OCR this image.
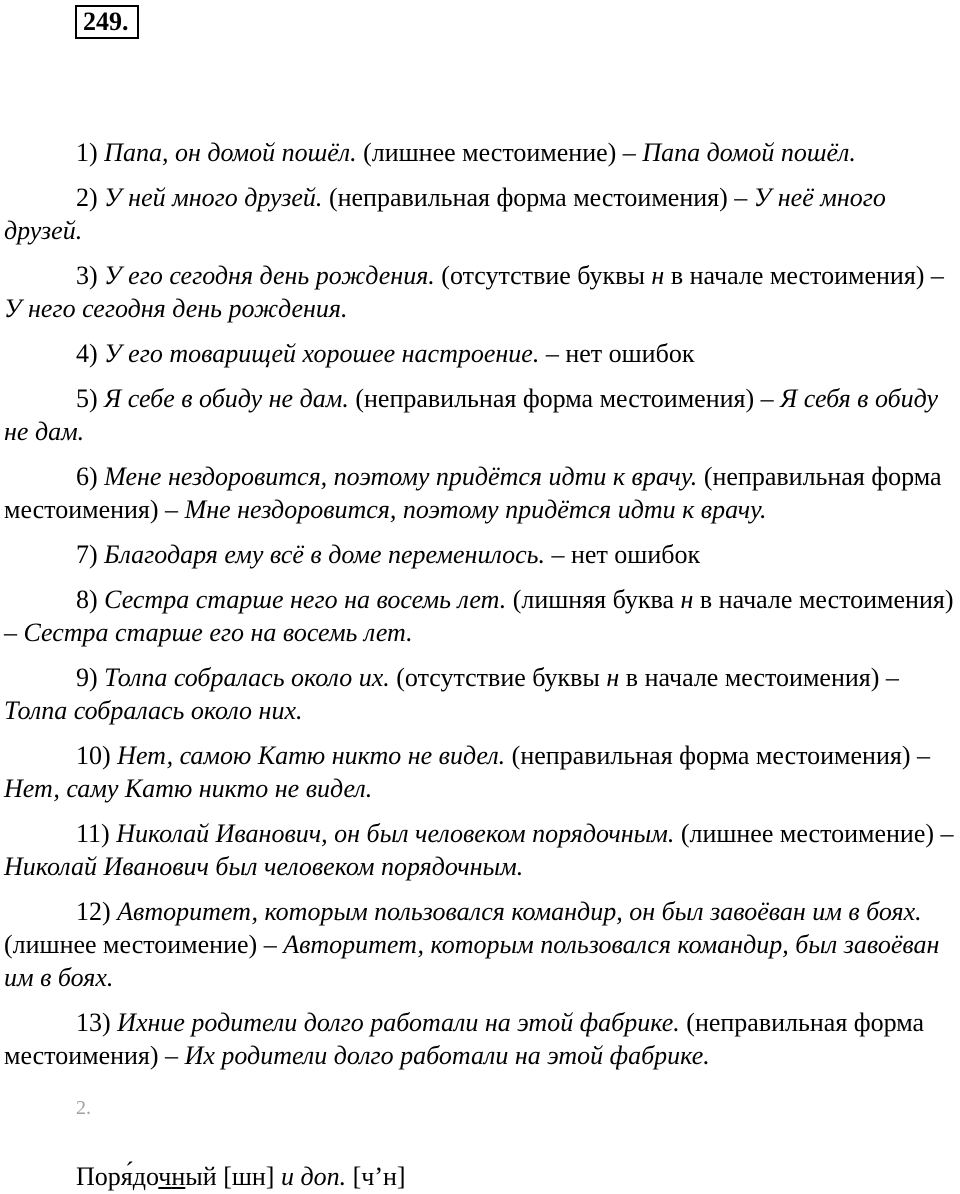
249.

1) Папа, он домой пошёл. (лишнее местоимение) – Папа домой пошёл.

2) У ней много друзей. (неправильная форма местоимения) – У неё много друзей.

3) У его сегодня день рождения. (отсутствие буквы н в начале местоимения) – У него сегодня день рождения.

4) У его товарищей хорошее настроение. – нет ошибок

5) Я себе в обиду не дам. (неправильная форма местоимения) – Я себя в обиду не дам.

6) Мене нездоровится, поэтому придётся идти к врачу. (неправильная форма местоимения) – Мне нездоровится, поэтому придётся идти к врачу.

7) Благодаря ему всё в доме переменилось. – нет ошибок

8) Сестра старше него на восемь лет. (лишняя буква н в начале местоимения) – Сестра старше его на восемь лет.

9) Толпа собралась около их. (отсутствие буквы н в начале местоимения) – Толпа собралась около них.

10) Нет, самою Катю никто не видел. (неправильная форма местоимения) – Нет, саму Катю никто не видел.

11) Николай Иванович, он был человеком порядочным. (лишнее местоимение) – Николай Иванович был человеком порядочным.

12) Авторитет, которым пользовался командир, он был завоёван им в боях. (лишнее местоимение) – Авторитет, которым пользовался командир, был завоёван им в боях.

13) Ихние родители долго работали на этой фабрике. (неправильная форма местоимения) – Их родители долго работали на этой фабрике.

2.
Поря́дочный [шн] и доп. [ч’н]
